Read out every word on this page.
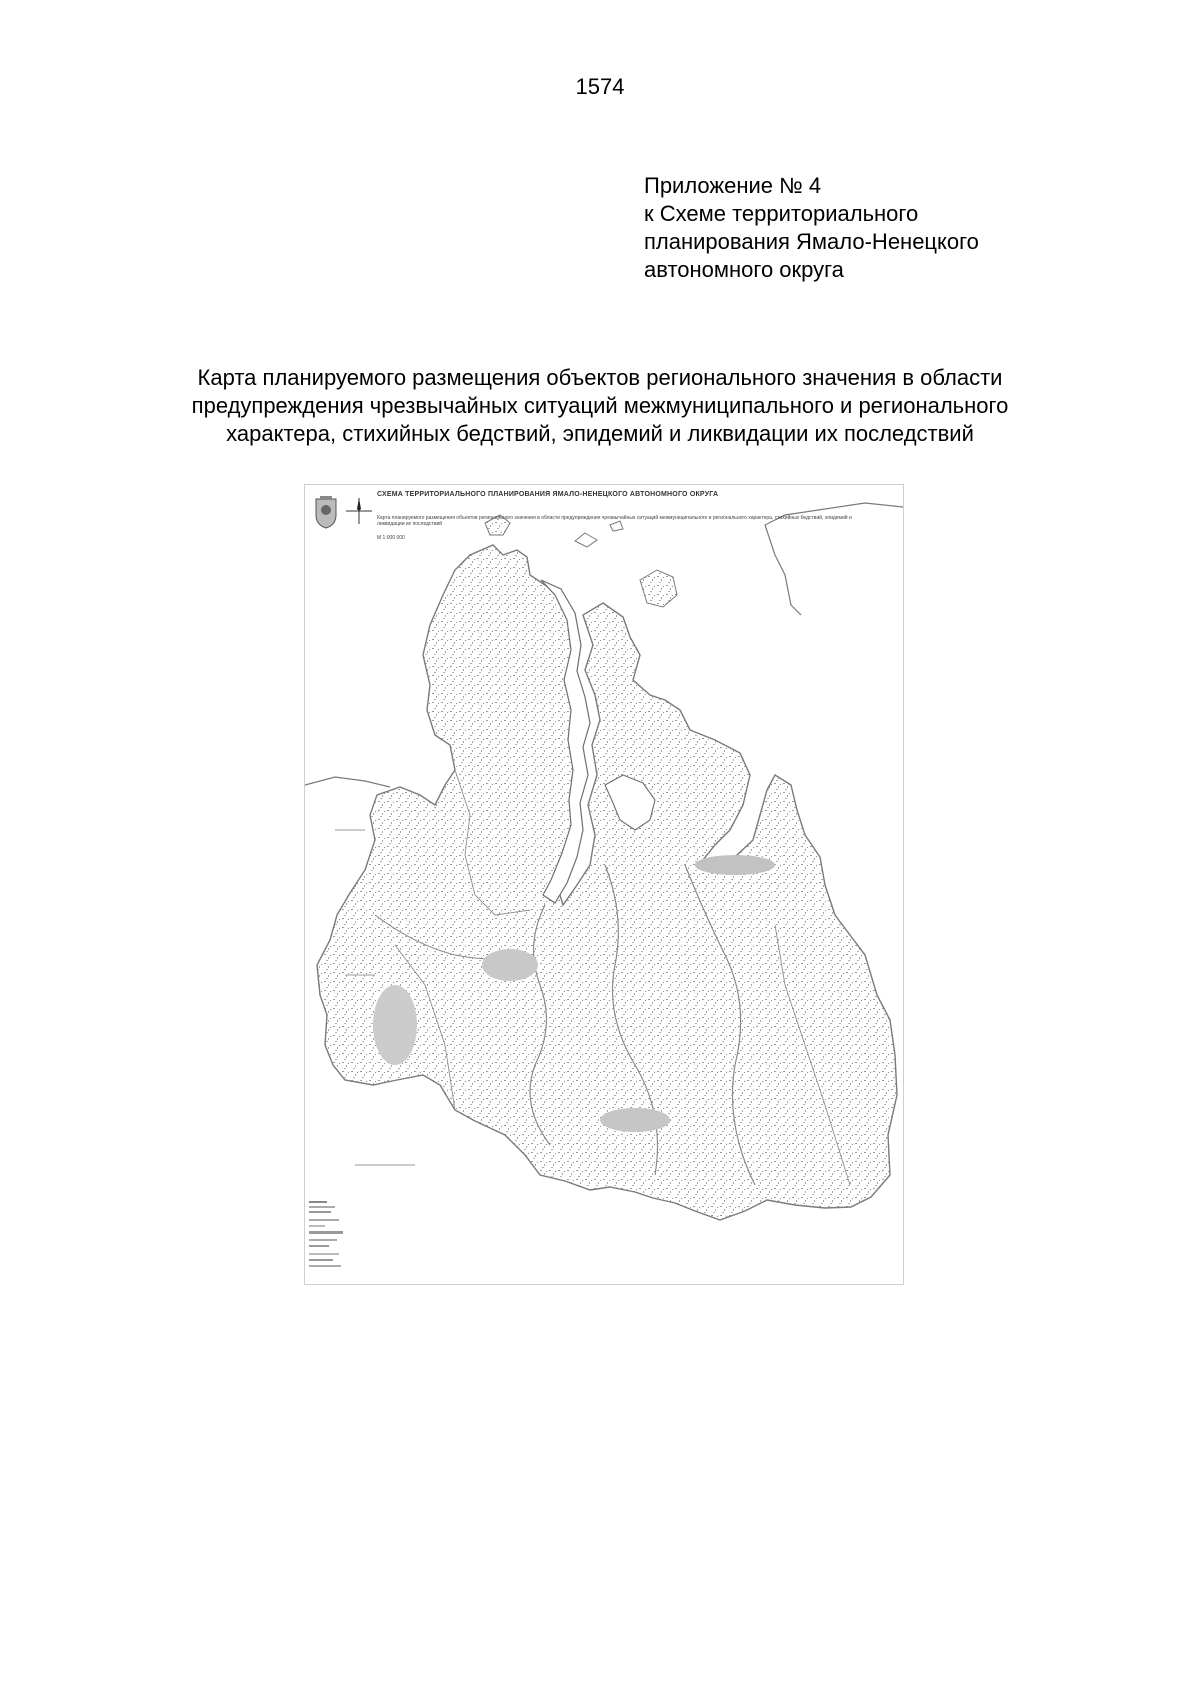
1574
Приложение № 4
к Схеме территориального
планирования Ямало-Ненецкого
автономного округа
Карта планируемого размещения объектов регионального значения в области
предупреждения чрезвычайных ситуаций межмуниципального и регионального
характера, стихийных бедствий, эпидемий и ликвидации их последствий
СХЕМА ТЕРРИТОРИАЛЬНОГО ПЛАНИРОВАНИЯ ЯМАЛО-НЕНЕЦКОГО АВТОНОМНОГО ОКРУГА
Карта планируемого размещения объектов регионального значения в области предупреждения чрезвычайных ситуаций межмуниципального и регионального характера, стихийных бедствий, эпидемий и ликвидации их последствий
М 1:000 000
